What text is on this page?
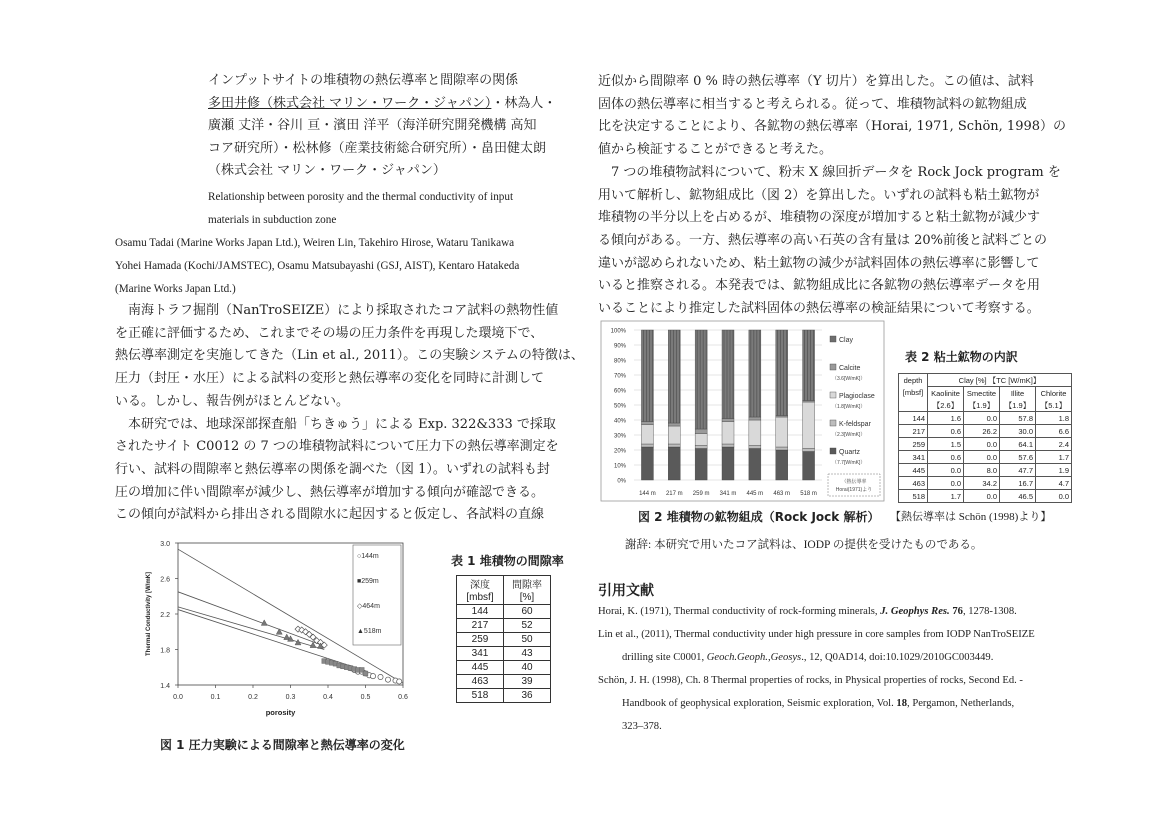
インプットサイトの堆積物の熱伝導率と間隙率の関係
多田井修（株式会社 マリン・ワーク・ジャパン）・林為人・
廣瀬 丈洋・谷川 亘・濱田 洋平（海洋研究開発機構 高知
コア研究所）・松林修（産業技術総合研究所）・畠田健太朗
（株式会社 マリン・ワーク・ジャパン）
Relationship between porosity and the thermal conductivity of input
materials in subduction zone
Osamu Tadai (Marine Works Japan Ltd.), Weiren Lin, Takehiro Hirose, Wataru Tanikawa
Yohei Hamada (Kochi/JAMSTEC), Osamu Matsubayashi (GSJ, AIST), Kentaro Hatakeda
(Marine Works Japan Ltd.)
　南海トラフ掘削（NanTroSEIZE）により採取されたコア試料の熱物性値
を正確に評価するため、これまでその場の圧力条件を再現した環境下で、
熱伝導率測定を実施してきた（Lin et al., 2011）。この実験システムの特徴は、
圧力（封圧・水圧）による試料の変形と熱伝導率の変化を同時に計測して
いる。しかし、報告例がほとんどない。
　本研究では、地球深部探査船「ちきゅう」による Exp. 322&333 で採取
されたサイト C0012 の 7 つの堆積物試料について圧力下の熱伝導率測定を
行い、試料の間隙率と熱伝導率の関係を調べた（図 1）。いずれの試料も封
圧の増加に伴い間隙率が減少し、熱伝導率が増加する傾向が確認できる。
この傾向が試料から排出される間隙水に起因すると仮定し、各試料の直線
近似から間隙率 0 % 時の熱伝導率（Y 切片）を算出した。この値は、試料
固体の熱伝導率に相当すると考えられる。従って、堆積物試料の鉱物組成
比を決定することにより、各鉱物の熱伝導率（Horai, 1971, Schön, 1998）の
値から検証することができると考えた。
　7 つの堆積物試料について、粉末 X 線回折データを Rock Jock program を
用いて解析し、鉱物組成比（図 2）を算出した。いずれの試料も粘土鉱物が
堆積物の半分以上を占めるが、堆積物の深度が増加すると粘土鉱物が減少す
る傾向がある。一方、熱伝導率の高い石英の含有量は 20%前後と試料ごとの
違いが認められないため、粘土鉱物の減少が試料固体の熱伝導率に影響して
いると推察される。本発表では、鉱物組成比に各鉱物の熱伝導率データを用
いることにより推定した試料固体の熱伝導率の検証結果について考察する。
0.0	0.1	0.2	0.3	0.4	0.5	0.6
1.4
1.8
2.2
2.6
3.0
porosity
Thermal Conductivity [W/mK]
○144m
■259m
◇464m
▲518m
図 1 圧力実験による間隙率と熱伝導率の変化
表 1 堆積物の間隙率
深度	間隙率
[mbsf]	[%]
144	60
217	52
259	50
341	43
445	40
463	39
518	36
0%
10%
20%
30%
40%
50%
60%
70%
80%
90%
100%
144 m 217 m 259 m 341 m 445 m 463 m 518 m
Clay
Calcite
（3.6[W/mK]）
Plagioclase
（1.8[W/mK]）
K-feldspar
（2.3[W/mK]）
Quartz
（7.7[W/mK]）
（熱伝導率
Horai(1971)より
図 2 堆積物の鉱物組成（Rock Jock 解析） 【熱伝導率は Schön (1998)より】
表 2 粘土鉱物の内訳
depth	Clay [%] 【TC [W/mK]】			
[mbsf]	Kaolinite	Smectite	Illite	Chlorite
	【2.6】	【1.9】	【1.9】	【5.1】
144	1.6	0.0	57.8	1.8
217	0.6	26.2	30.0	6.6
259	1.5	0.0	64.1	2.4
341	0.6	0.0	57.6	1.7
445	0.0	8.0	47.7	1.9
463	0.0	34.2	16.7	4.7
518	1.7	0.0	46.5	0.0
謝辞: 本研究で用いたコア試料は、IODP の提供を受けたものである。
引用文献
Horai, K. (1971), Thermal conductivity of rock-forming minerals, J. Geophys Res. 76, 1278-1308.
Lin et al., (2011), Thermal conductivity under high pressure in core samples from IODP NanTroSEIZE
drilling site C0001, Geoch.Geoph.,Geosys., 12, Q0AD14, doi:10.1029/2010GC003449.
Schön, J. H. (1998), Ch. 8 Thermal properties of rocks, in Physical properties of rocks, Second Ed. -
Handbook of geophysical exploration, Seismic exploration, Vol. 18, Pergamon, Netherlands,
323–378.
